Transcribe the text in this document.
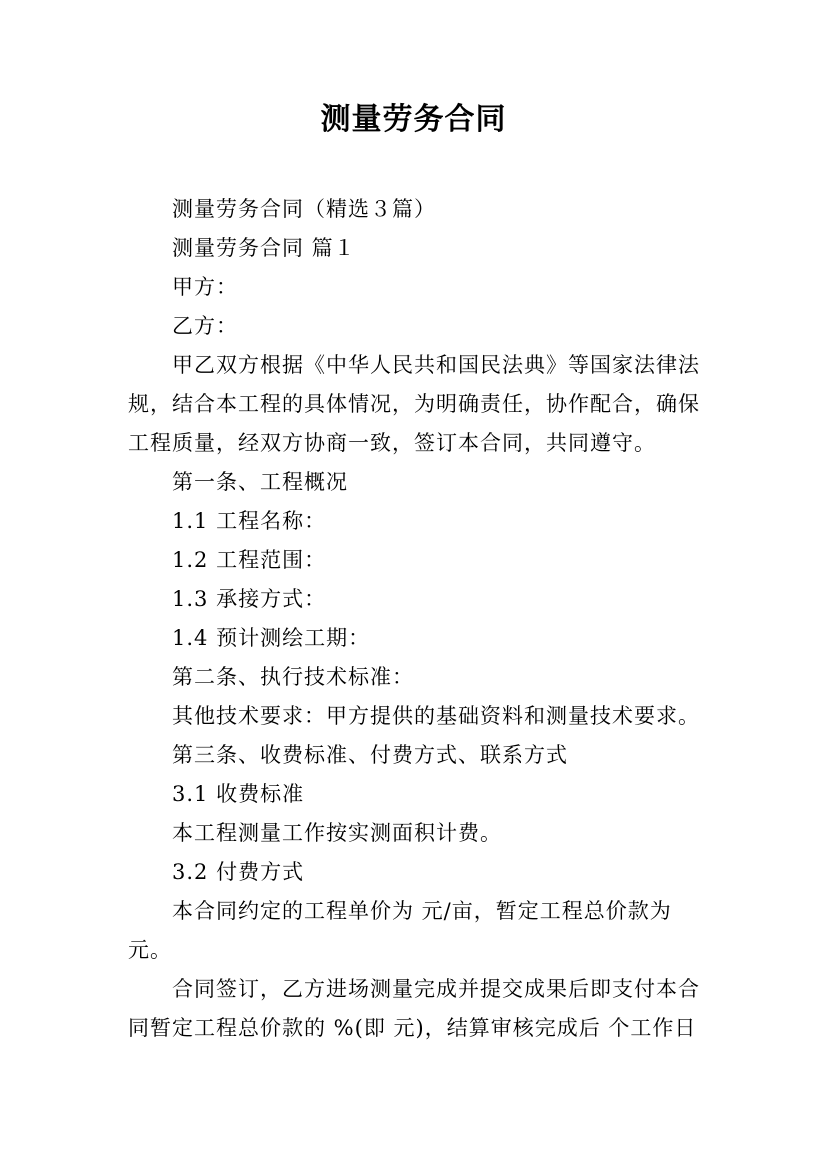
测量劳务合同

测量劳务合同（精选３篇）

测量劳务合同 篇１

甲方：

乙方：

甲乙双方根据《中华人民共和国民法典》等国家法律法规，结合本工程的具体情况，为明确责任，协作配合，确保工程质量，经双方协商一致，签订本合同，共同遵守。

第一条、工程概况

1.1 工程名称：

1.2 工程范围：

1.3 承接方式：

1.4 预计测绘工期：

第二条、执行技术标准：

其他技术要求：甲方提供的基础资料和测量技术要求。

第三条、收费标准、付费方式、联系方式

3.1 收费标准

本工程测量工作按实测面积计费。

3.2 付费方式

本合同约定的工程单价为 元/亩，暂定工程总价款为 元。

合同签订，乙方进场测量完成并提交成果后即支付本合同暂定工程总价款的 %(即 元)，结算审核完成后 个工作日
